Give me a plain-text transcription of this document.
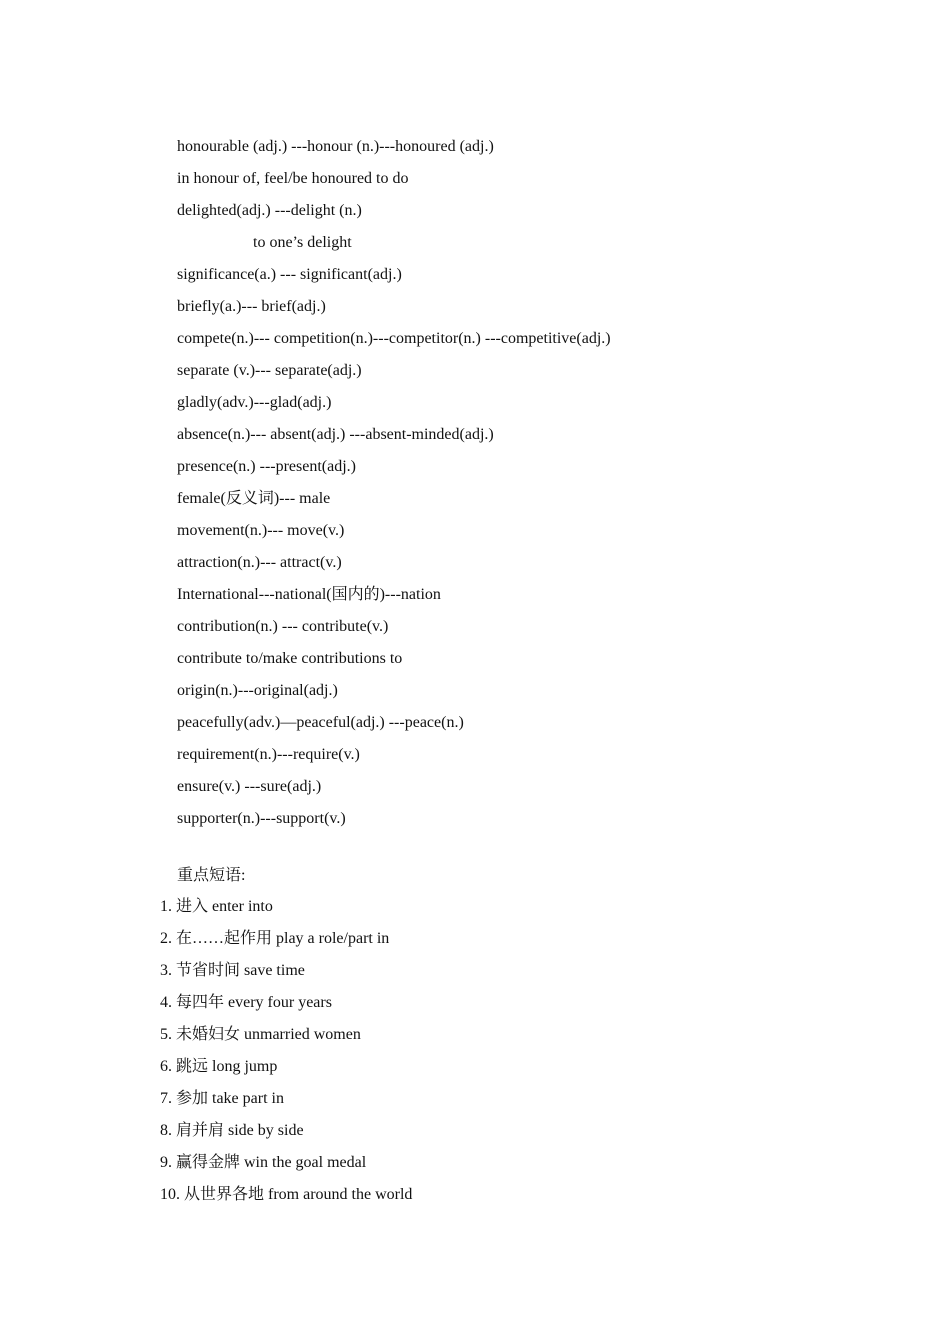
honourable (adj.) ---honour (n.)---honoured (adj.)
in honour of, feel/be honoured to do
delighted(adj.) ---delight (n.)
to one’s delight
significance(a.) --- significant(adj.)
briefly(a.)--- brief(adj.)
compete(n.)--- competition(n.)---competitor(n.) ---competitive(adj.)
separate (v.)--- separate(adj.)
gladly(adv.)---glad(adj.)
absence(n.)--- absent(adj.) ---absent-minded(adj.)
presence(n.) ---present(adj.)
female(反义词)--- male
movement(n.)--- move(v.)
attraction(n.)--- attract(v.)
International---national(国内的)---nation
contribution(n.) --- contribute(v.)
contribute to/make contributions to
origin(n.)---original(adj.)
peacefully(adv.)—peaceful(adj.) ---peace(n.)
requirement(n.)---require(v.)
ensure(v.) ---sure(adj.)
supporter(n.)---support(v.)
重点短语:
1. 进入 enter into
2. 在……起作用 play a role/part in
3. 节省时间 save time
4. 每四年 every four years
5. 未婚妇女 unmarried women
6. 跳远 long jump
7. 参加 take part in
8. 肩并肩 side by side
9. 赢得金牌 win the goal medal
10. 从世界各地 from around the world
